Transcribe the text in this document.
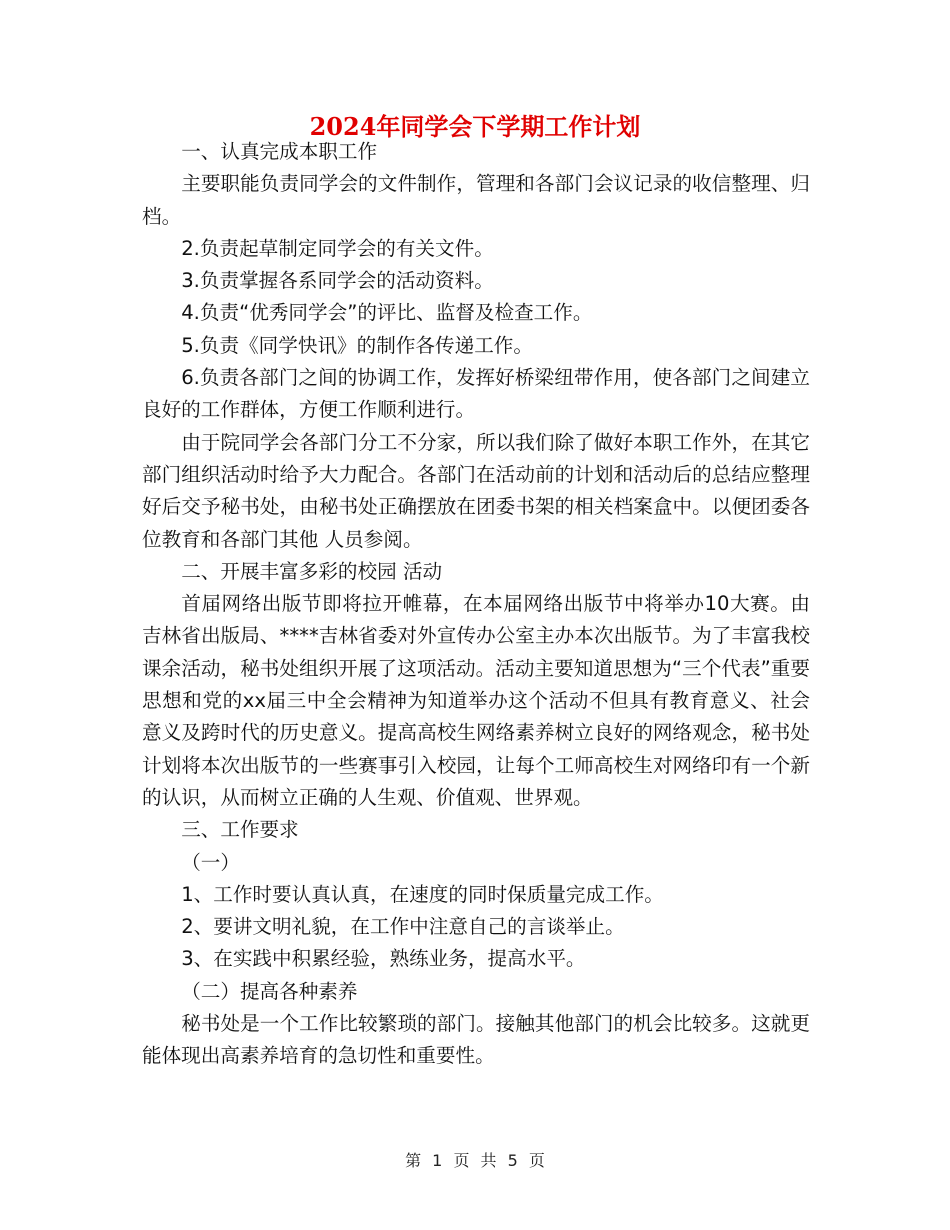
2024年同学会下学期工作计划

一、认真完成本职工作

主要职能负责同学会的文件制作，管理和各部门会议记录的收信整理、归档。

2.负责起草制定同学会的有关文件。

3.负责掌握各系同学会的活动资料。

4.负责“优秀同学会”的评比、监督及检查工作。

5.负责《同学快讯》的制作各传递工作。

6.负责各部门之间的协调工作，发挥好桥梁纽带作用，使各部门之间建立良好的工作群体，方便工作顺利进行。

由于院同学会各部门分工不分家，所以我们除了做好本职工作外，在其它部门组织活动时给予大力配合。各部门在活动前的计划和活动后的总结应整理好后交予秘书处，由秘书处正确摆放在团委书架的相关档案盒中。以便团委各位教育和各部门其他 人员参阅。

二、开展丰富多彩的校园 活动

首届网络出版节即将拉开帷幕，在本届网络出版节中将举办10大赛。由吉林省出版局、****吉林省委对外宣传办公室主办本次出版节。为了丰富我校课余活动，秘书处组织开展了这项活动。活动主要知道思想为“三个代表”重要思想和党的xx届三中全会精神为知道举办这个活动不但具有教育意义、社会意义及跨时代的历史意义。提高高校生网络素养树立良好的网络观念，秘书处计划将本次出版节的一些赛事引入校园，让每个工师高校生对网络印有一个新的认识，从而树立正确的人生观、价值观、世界观。

三、工作要求

（一）

1、工作时要认真认真，在速度的同时保质量完成工作。

2、要讲文明礼貌，在工作中注意自己的言谈举止。

3、在实践中积累经验，熟练业务，提高水平。

（二）提高各种素养

秘书处是一个工作比较繁琐的部门。接触其他部门的机会比较多。这就更能体现出高素养培育的急切性和重要性。

第 1 页 共 5 页
